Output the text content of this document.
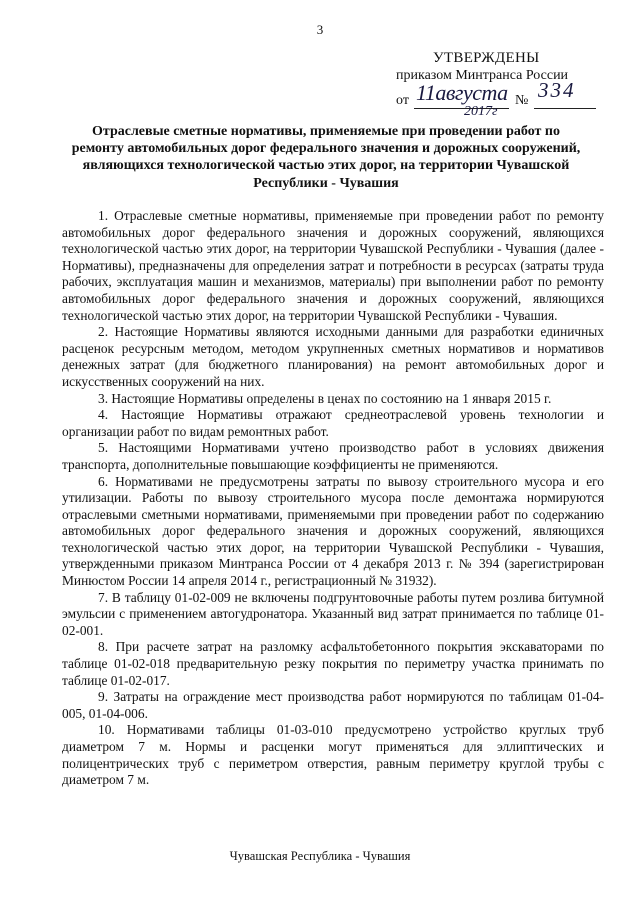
3
УТВЕРЖДЕНЫ
приказом Минтранса России
от 11августа
2017г
№ 334
Отраслевые сметные нормативы, применяемые при проведении работ по ремонту автомобильных дорог федерального значения и дорожных сооружений, являющихся технологической частью этих дорог, на территории Чувашской Республики - Чувашия

1. Отраслевые сметные нормативы, применяемые при проведении работ по ремонту автомобильных дорог федерального значения и дорожных сооружений, являющихся технологической частью этих дорог, на территории Чувашской Республики - Чувашия (далее - Нормативы), предназначены для определения затрат и потребности в ресурсах (затраты труда рабочих, эксплуатация машин и механизмов, материалы) при выполнении работ по ремонту автомобильных дорог федерального значения и дорожных сооружений, являющихся технологической частью этих дорог, на территории Чувашской Республики - Чувашия.

2. Настоящие Нормативы являются исходными данными для разработки единичных расценок ресурсным методом, методом укрупненных сметных нормативов и нормативов денежных затрат (для бюджетного планирования) на ремонт автомобильных дорог и искусственных сооружений на них.

3. Настоящие Нормативы определены в ценах по состоянию на 1 января 2015 г.

4. Настоящие Нормативы отражают среднеотраслевой уровень технологии и организации работ по видам ремонтных работ.

5. Настоящими Нормативами учтено производство работ в условиях движения транспорта, дополнительные повышающие коэффициенты не применяются.

6. Нормативами не предусмотрены затраты по вывозу строительного мусора и его утилизации. Работы по вывозу строительного мусора после демонтажа нормируются отраслевыми сметными нормативами, применяемыми при проведении работ по содержанию автомобильных дорог федерального значения и дорожных сооружений, являющихся технологической частью этих дорог, на территории Чувашской Республики - Чувашия, утвержденными приказом Минтранса России от 4 декабря 2013 г. № 394 (зарегистрирован Минюстом России 14 апреля 2014 г., регистрационный № 31932).

7. В таблицу 01-02-009 не включены подгрунтовочные работы путем розлива битумной эмульсии с применением автогудронатора. Указанный вид затрат принимается по таблице 01-02-001.

8. При расчете затрат на разломку асфальтобетонного покрытия экскаваторами по таблице 01-02-018 предварительную резку покрытия по периметру участка принимать по таблице 01-02-017.

9. Затраты на ограждение мест производства работ нормируются по таблицам 01-04-005, 01-04-006.

10. Нормативами таблицы 01-03-010 предусмотрено устройство круглых труб диаметром 7 м. Нормы и расценки могут применяться для эллиптических и полицентрических труб с периметром отверстия, равным периметру круглой трубы с диаметром 7 м.

Чувашская Республика - Чувашия
